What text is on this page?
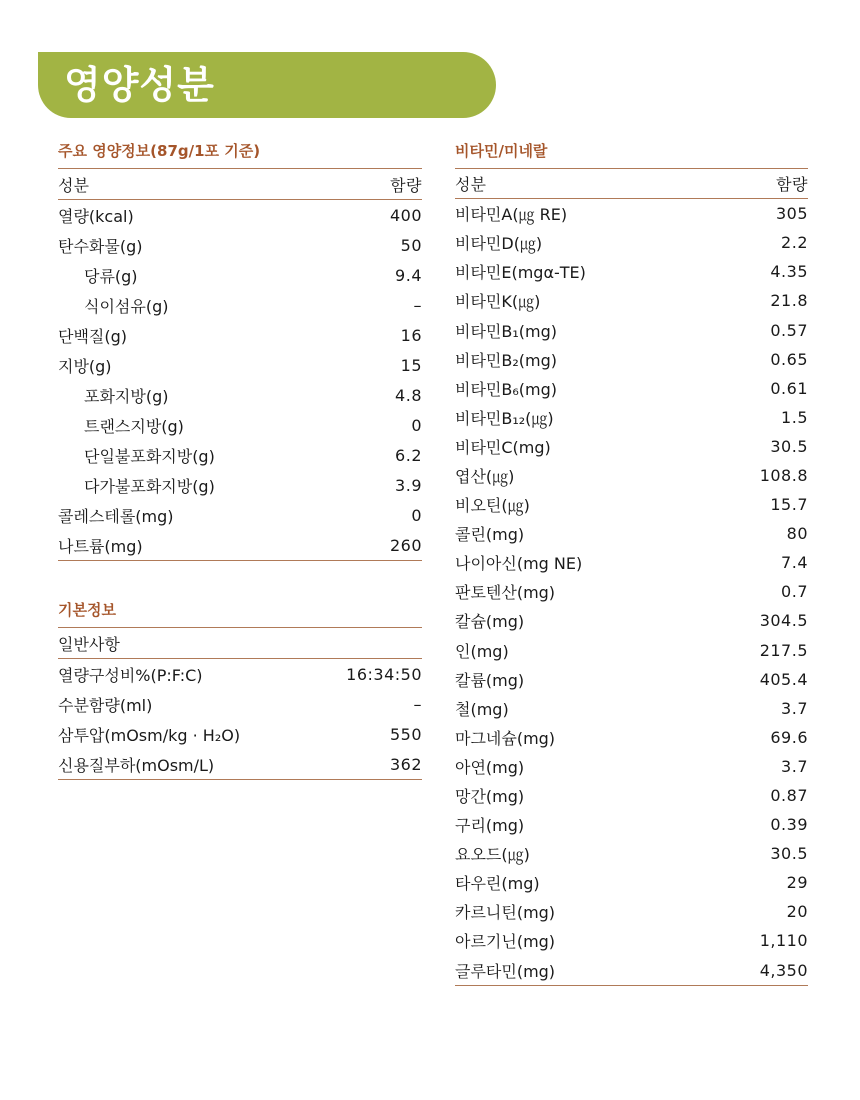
영양성분
주요 영양정보(87g/1포 기준)
성분	함량
열량(kcal)	400
탄수화물(g)	50
당류(g)	9.4
식이섬유(g)	–
단백질(g)	16
지방(g)	15
포화지방(g)	4.8
트랜스지방(g)	0
단일불포화지방(g)	6.2
다가불포화지방(g)	3.9
콜레스테롤(mg)	0
나트륨(mg)	260
기본정보
일반사항	
열량구성비%(P:F:C)	16:34:50
수분함량(ml)	–
삼투압(mOsm/kg · H₂O)	550
신용질부하(mOsm/L)	362
비타민/미네랄
성분	함량
비타민A(㎍ RE)	305
비타민D(㎍)	2.2
비타민E(mgα-TE)	4.35
비타민K(㎍)	21.8
비타민B₁(mg)	0.57
비타민B₂(mg)	0.65
비타민B₆(mg)	0.61
비타민B₁₂(㎍)	1.5
비타민C(mg)	30.5
엽산(㎍)	108.8
비오틴(㎍)	15.7
콜린(mg)	80
나이아신(mg NE)	7.4
판토텐산(mg)	0.7
칼슘(mg)	304.5
인(mg)	217.5
칼륨(mg)	405.4
철(mg)	3.7
마그네슘(mg)	69.6
아연(mg)	3.7
망간(mg)	0.87
구리(mg)	0.39
요오드(㎍)	30.5
타우린(mg)	29
카르니틴(mg)	20
아르기닌(mg)	1,110
글루타민(mg)	4,350
